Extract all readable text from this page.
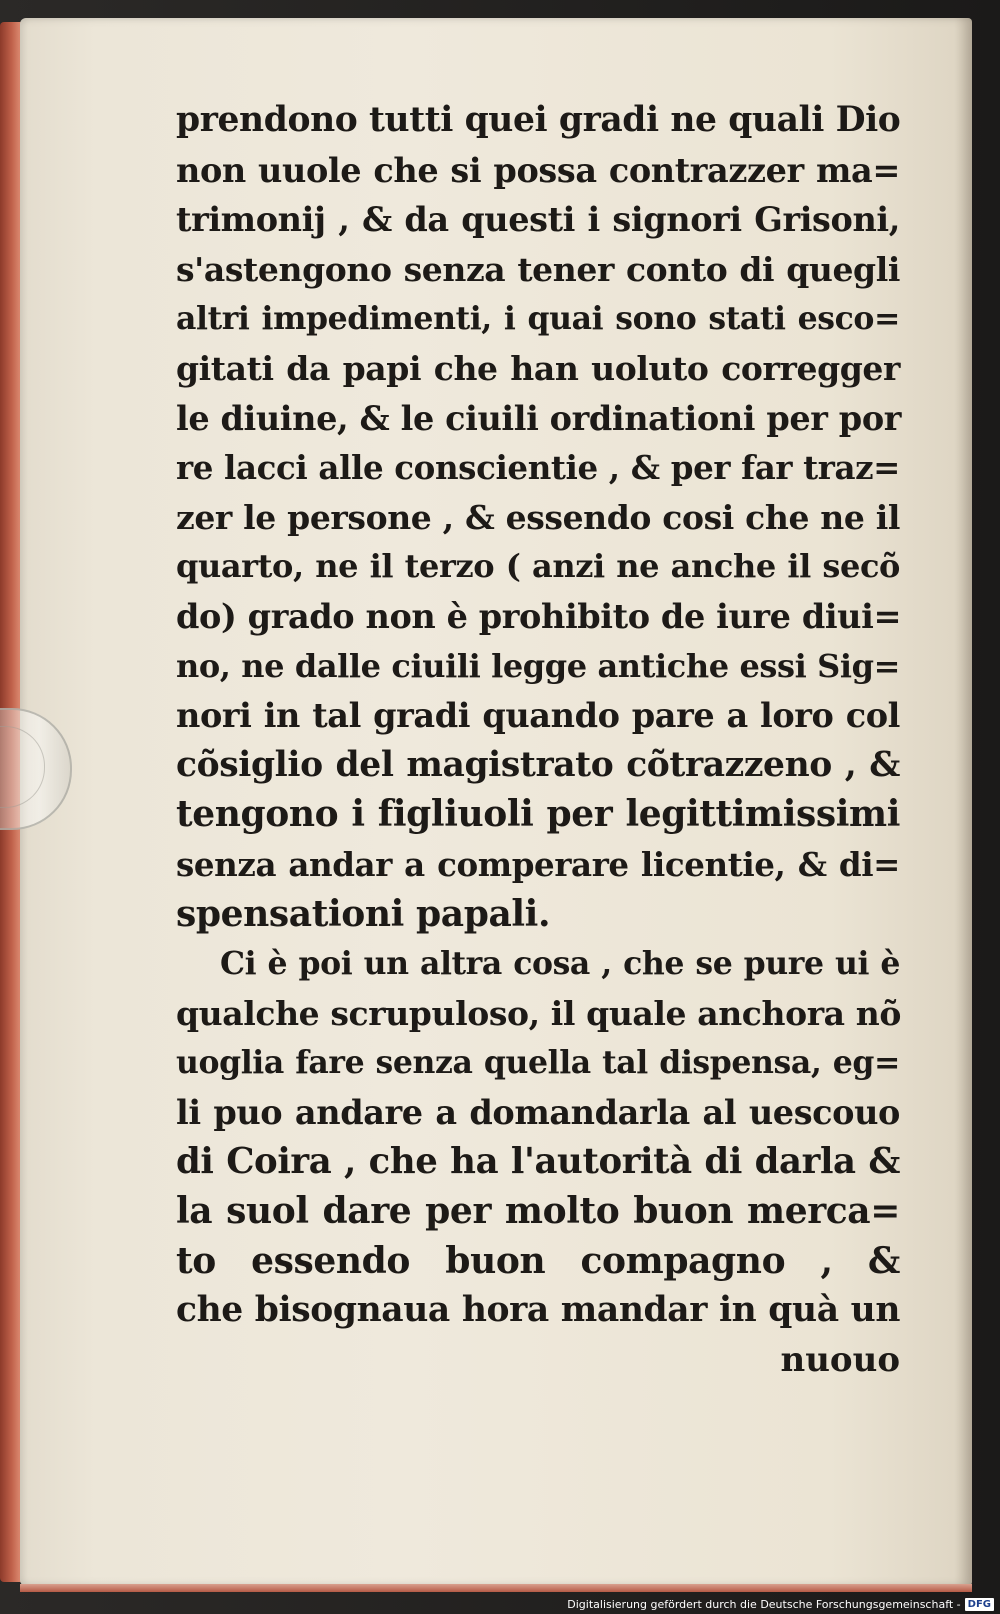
prendono tutti quei gradi ne quali Dio
non uuole che si possa contrazzer ma=
trimonij , & da questi i signori Grisoni,
s'astengono senza tener conto di quegli
altri impedimenti, i quai sono stati esco=
gitati da papi che han uoluto corregger
le diuine, & le ciuili ordinationi per por
re lacci alle conscientie , & per far traz=
zer le persone , & essendo cosi che ne il
quarto, ne il terzo ( anzi ne anche il secõ
do) grado non è prohibito de iure diui=
no, ne dalle ciuili legge antiche essi Sig=
nori in tal gradi quando pare a loro col
cõsiglio del magistrato cõtrazzeno , &
tengono i figliuoli per legittimissimi
senza andar a comperare licentie, & di=
spensationi papali.
Ci è poi un altra cosa , che se pure ui è
qualche scrupuloso, il quale anchora nõ
uoglia fare senza quella tal dispensa, eg=
li puo andare a domandarla al uescouo
di Coira , che ha l'autorità di darla &
la suol dare per molto buon merca=
to essendo buon compagno , &
che bisognaua hora mandar in quà un
nuouo
Digitalisierung gefördert durch die Deutsche Forschungsgemeinschaft - DFG
